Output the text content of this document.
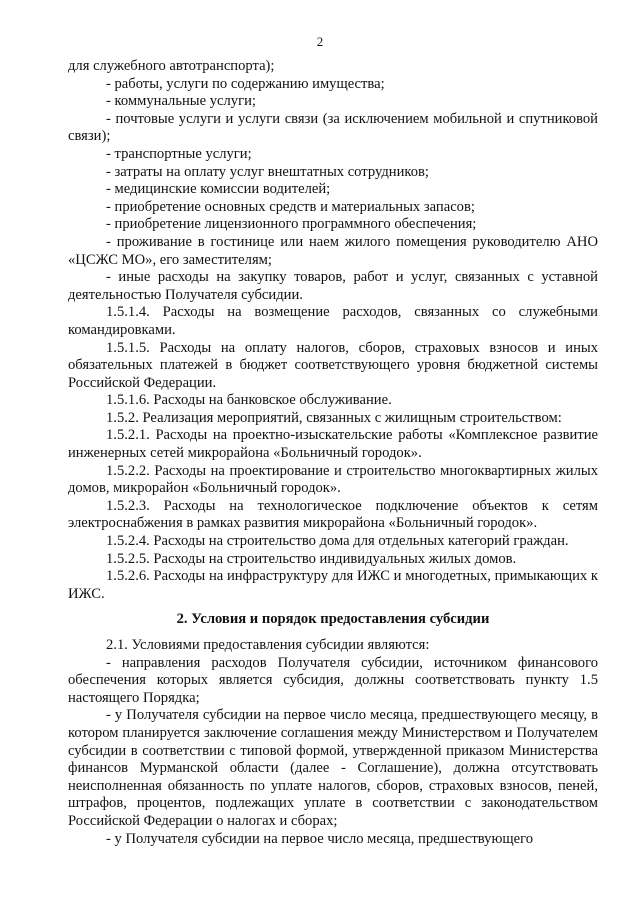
2

для служебного автотранспорта);

- работы, услуги по содержанию имущества;

- коммунальные услуги;

- почтовые услуги и услуги связи (за исключением мобильной и спутниковой связи);

- транспортные услуги;

- затраты на оплату услуг внештатных сотрудников;

- медицинские комиссии водителей;

- приобретение основных средств и материальных запасов;

- приобретение лицензионного программного обеспечения;

- проживание в гостинице или наем жилого помещения руководителю АНО «ЦСЖС МО», его заместителям;

- иные расходы на закупку товаров, работ и услуг, связанных с уставной деятельностью Получателя субсидии.

1.5.1.4. Расходы на возмещение расходов, связанных со служебными командировками.

1.5.1.5. Расходы на оплату налогов, сборов, страховых взносов и иных обязательных платежей в бюджет соответствующего уровня бюджетной системы Российской Федерации.

1.5.1.6. Расходы на банковское обслуживание.

1.5.2. Реализация мероприятий, связанных с жилищным строительством:

1.5.2.1. Расходы на проектно-изыскательские работы «Комплексное развитие инженерных сетей микрорайона «Больничный городок».

1.5.2.2. Расходы на проектирование и строительство многоквартирных жилых домов, микрорайон «Больничный городок».

1.5.2.3. Расходы на технологическое подключение объектов к сетям электроснабжения в рамках развития микрорайона «Больничный городок».

1.5.2.4. Расходы на строительство дома для отдельных категорий граждан.

1.5.2.5. Расходы на строительство индивидуальных жилых домов.

1.5.2.6. Расходы на инфраструктуру для ИЖС и многодетных, примыкающих к ИЖС.

2. Условия и порядок предоставления субсидии

2.1. Условиями предоставления субсидии являются:

- направления расходов Получателя субсидии, источником финансового обеспечения которых является субсидия, должны соответствовать пункту 1.5 настоящего Порядка;

- у Получателя субсидии на первое число месяца, предшествующего месяцу, в котором планируется заключение соглашения между Министерством и Получателем субсидии в соответствии с типовой формой, утвержденной приказом Министерства финансов Мурманской области (далее - Соглашение), должна отсутствовать неисполненная обязанность по уплате налогов, сборов, страховых взносов, пеней, штрафов, процентов, подлежащих уплате в соответствии с законодательством Российской Федерации о налогах и сборах;

- у Получателя субсидии на первое число месяца, предшествующего
